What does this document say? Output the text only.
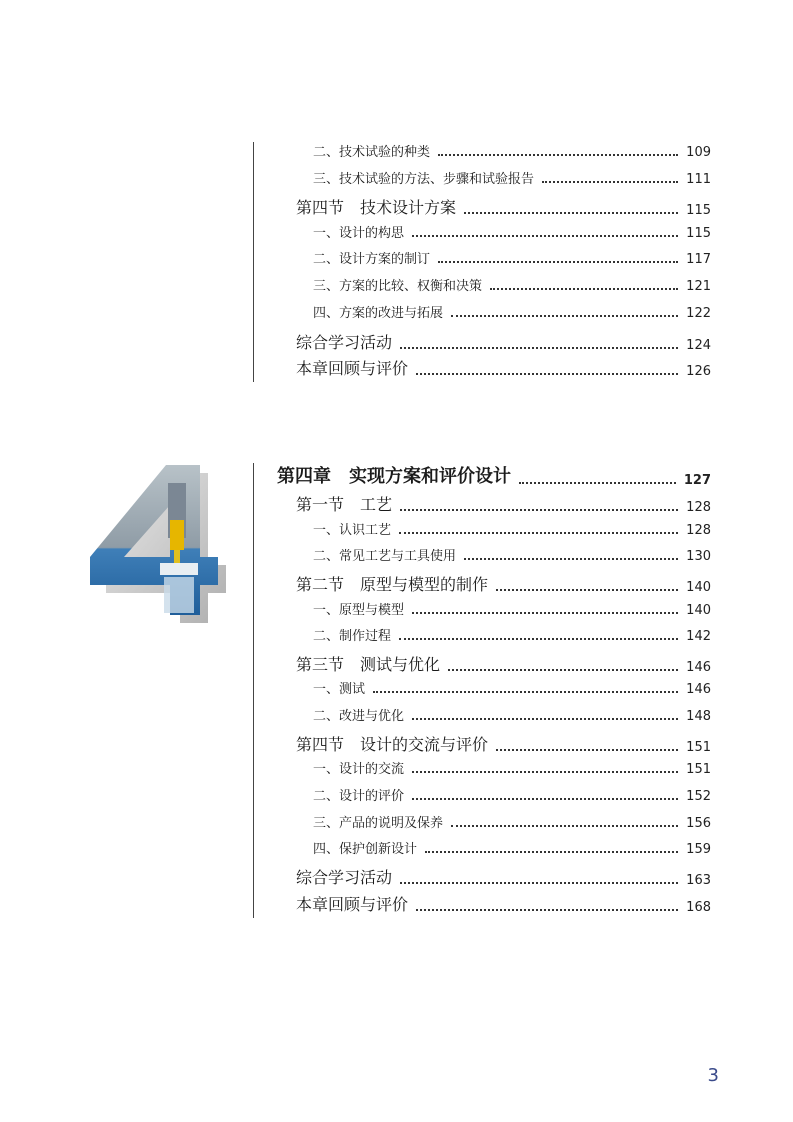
二、技术试验的种类	109
三、技术试验的方法、步骤和试验报告	111
第四节　技术设计方案	115
一、设计的构思	115
二、设计方案的制订	117
三、方案的比较、权衡和决策	121
四、方案的改进与拓展	122
综合学习活动	124
本章回顾与评价	126
第四章　实现方案和评价设计	127
第一节　工艺	128
一、认识工艺	128
二、常见工艺与工具使用	130
第二节　原型与模型的制作	140
一、原型与模型	140
二、制作过程	142
第三节　测试与优化	146
一、测试	146
二、改进与优化	148
第四节　设计的交流与评价	151
一、设计的交流	151
二、设计的评价	152
三、产品的说明及保养	156
四、保护创新设计	159
综合学习活动	163
本章回顾与评价	168
3
